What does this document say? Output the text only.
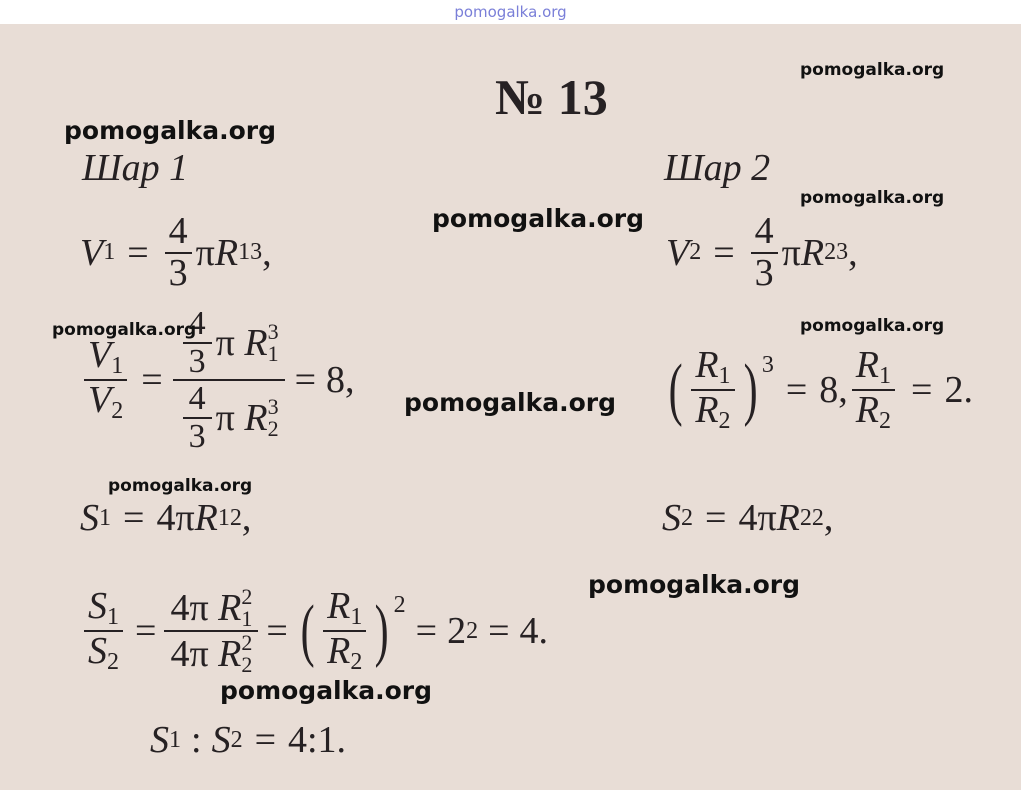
pomogalka.org
№ 13
Шар 1	Шар 2
V $1 = \frac{4}{3}$ π R 1 3 ,	V $2 = \frac{4}{3}$ π R 2 3 ,
$\frac{V_1}{V_2} = \frac{4}{3}$ π
R 3
1
$\frac{4}{3}$ π
R 3
2 = 8,	( $\frac{R_1}{R_2} )^3$
= 8, $\frac{R_1}{R_2} = 2$.
S 1 = 4π R 1 2 ,	S 2 = 4π R 2 2 ,
$\frac{S_1}{S_2} = 4\pi$
R 2
1
4π
R 2
2 = ( $\frac{R_1}{R_2} )^2$
= 2 2 = 4.
S 1 : S 2 = 4:1.
pomogalka.org
pomogalka.org
pomogalka.org
pomogalka.org
pomogalka.org
pomogalka.org
pomogalka.org
pomogalka.org
pomogalka.org
pomogalka.org
